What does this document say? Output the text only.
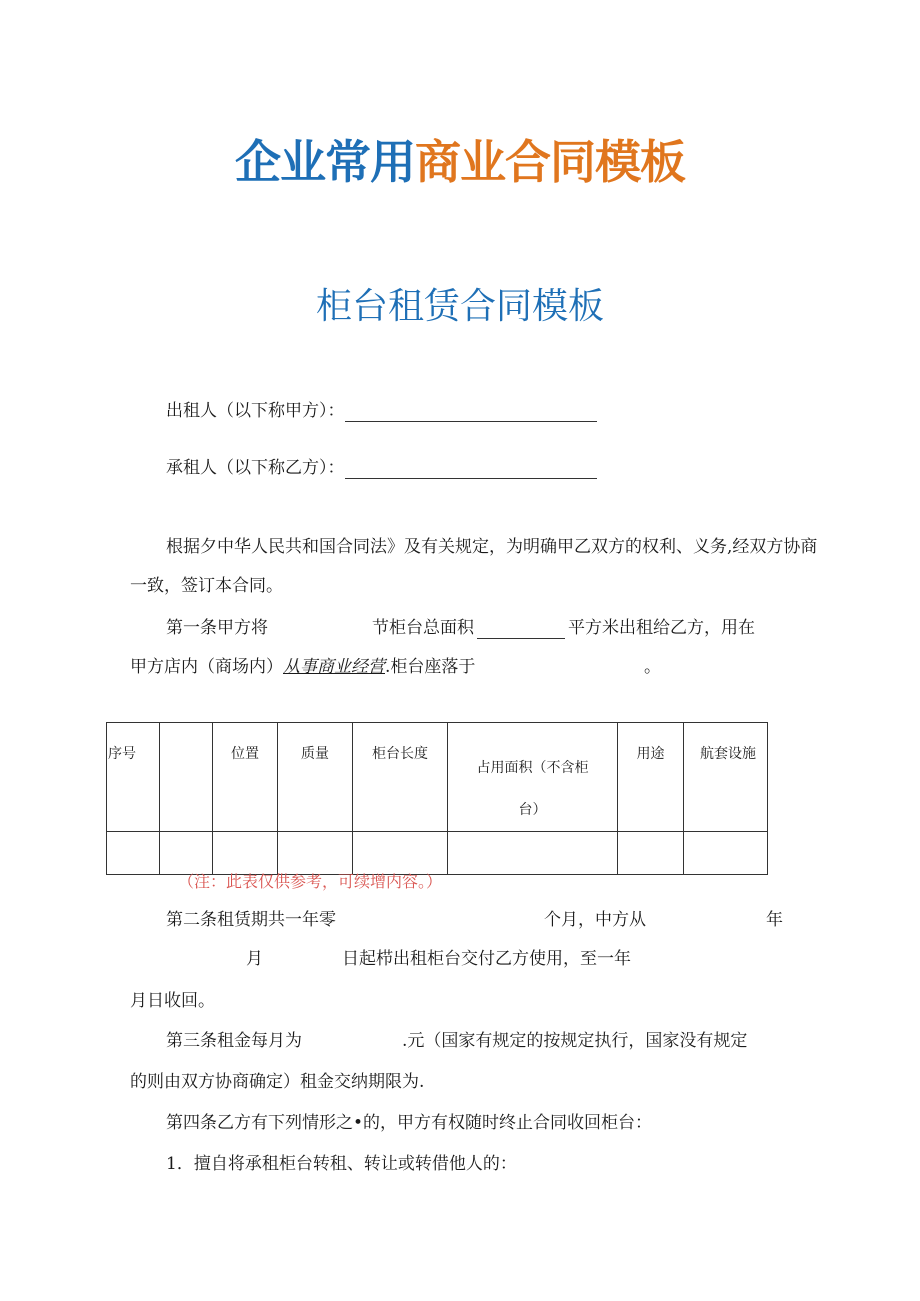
企业常用商业合同模板
柜台租赁合同模板
出租人（以下称甲方）：
承租人（以下称乙方）：
根据夕中华人民共和国合同法》及有关规定，为明确甲乙双方的权利、义务,经双方协商
一致，签订本合同。
第一条甲方将	节柜台总面积	平方米出租给乙方，用在
甲方店内（商场内）从事商业经营.柜台座落于	。
序号		位置	质量	柜台长度	占用面积（不含柜台）	用途	航套设施

（注：此表仅供参考，可续增内容。）
第二条租赁期共一年零	个月，中方从	年
月	日起栉出租柜台交付乙方使用，至一年
月日收回。
第三条租金每月为	.元（国家有规定的按规定执行，国家没有规定
的则由双方协商确定）租金交纳期限为.
第四条乙方有下列情形之•的，甲方有权随时终止合同收回柜台：
1．擅自将承租柜台转租、转让或转借他人的：
